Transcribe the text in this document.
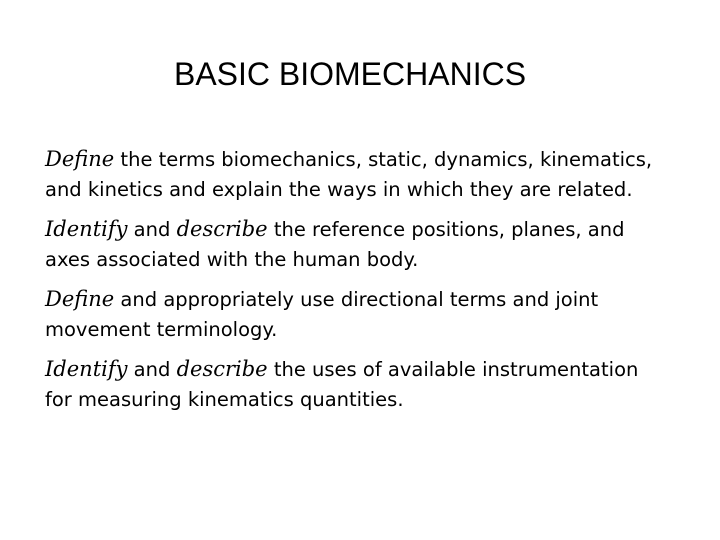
BASIC BIOMECHANICS
Define the terms biomechanics, static, dynamics, kinematics, and kinetics and explain the ways in which they are related.
Identify and describe the reference positions, planes, and axes associated with the human body.
Define and appropriately use directional terms and joint movement terminology.
Identify and describe the uses of available instrumentation for measuring kinematics quantities.
